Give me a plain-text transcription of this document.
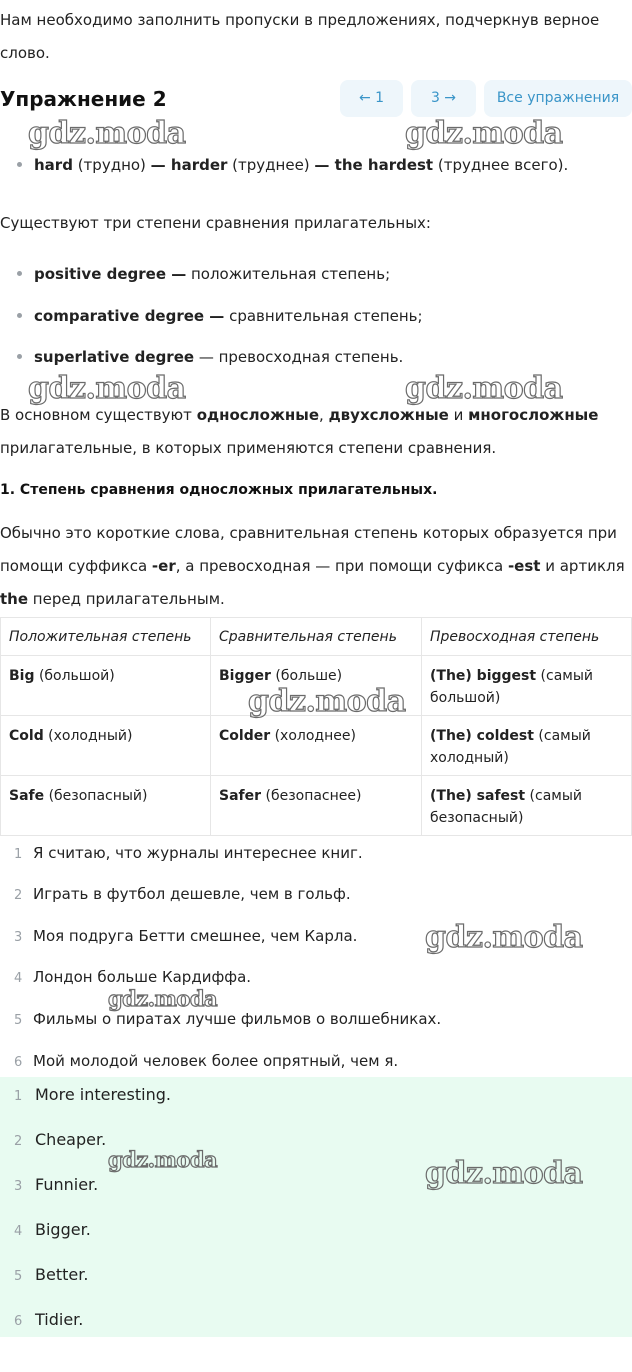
Нам необходимо заполнить пропуски в предложениях, подчеркнув верное слово.
Упражнение 2	← 1	3 →	Все упражнения
hard (трудно) — harder (труднее) — the hardest (труднее всего).
Существуют три степени сравнения прилагательных:
positive degree — положительная степень;
comparative degree — сравнительная степень;
superlative degree — превосходная степень.
В основном существуют односложные, двухсложные и многосложные прилагательные, в которых применяются степени сравнения.
1. Степень сравнения односложных прилагательных.
Обычно это короткие слова, сравнительная степень которых образуется при помощи суффикса -er, а превосходная — при помощи суфикса -est и артикля the перед прилагательным.
Положительная степень	Сравнительная степень	Превосходная степень
Big (большой)	Bigger (больше)	(The) biggest (самый большой)
Cold (холодный)	Colder (холоднее)	(The) coldest (самый холодный)
Safe (безопасный)	Safer (безопаснее)	(The) safest (самый безопасный)
1 Я считаю, что журналы интереснее книг.
2 Играть в футбол дешевле, чем в гольф.
3 Моя подруга Бетти смешнее, чем Карла.
4 Лондон больше Кардиффа.
5 Фильмы о пиратах лучше фильмов о волшебниках.
6 Мой молодой человек более опрятный, чем я.
1 More interesting.
2 Cheaper.
3 Funnier.
4 Bigger.
5 Better.
6 Tidier.
gdz.moda	gdz.moda
gdz.moda	gdz.moda
gdz.moda
gdz.moda
gdz.moda
